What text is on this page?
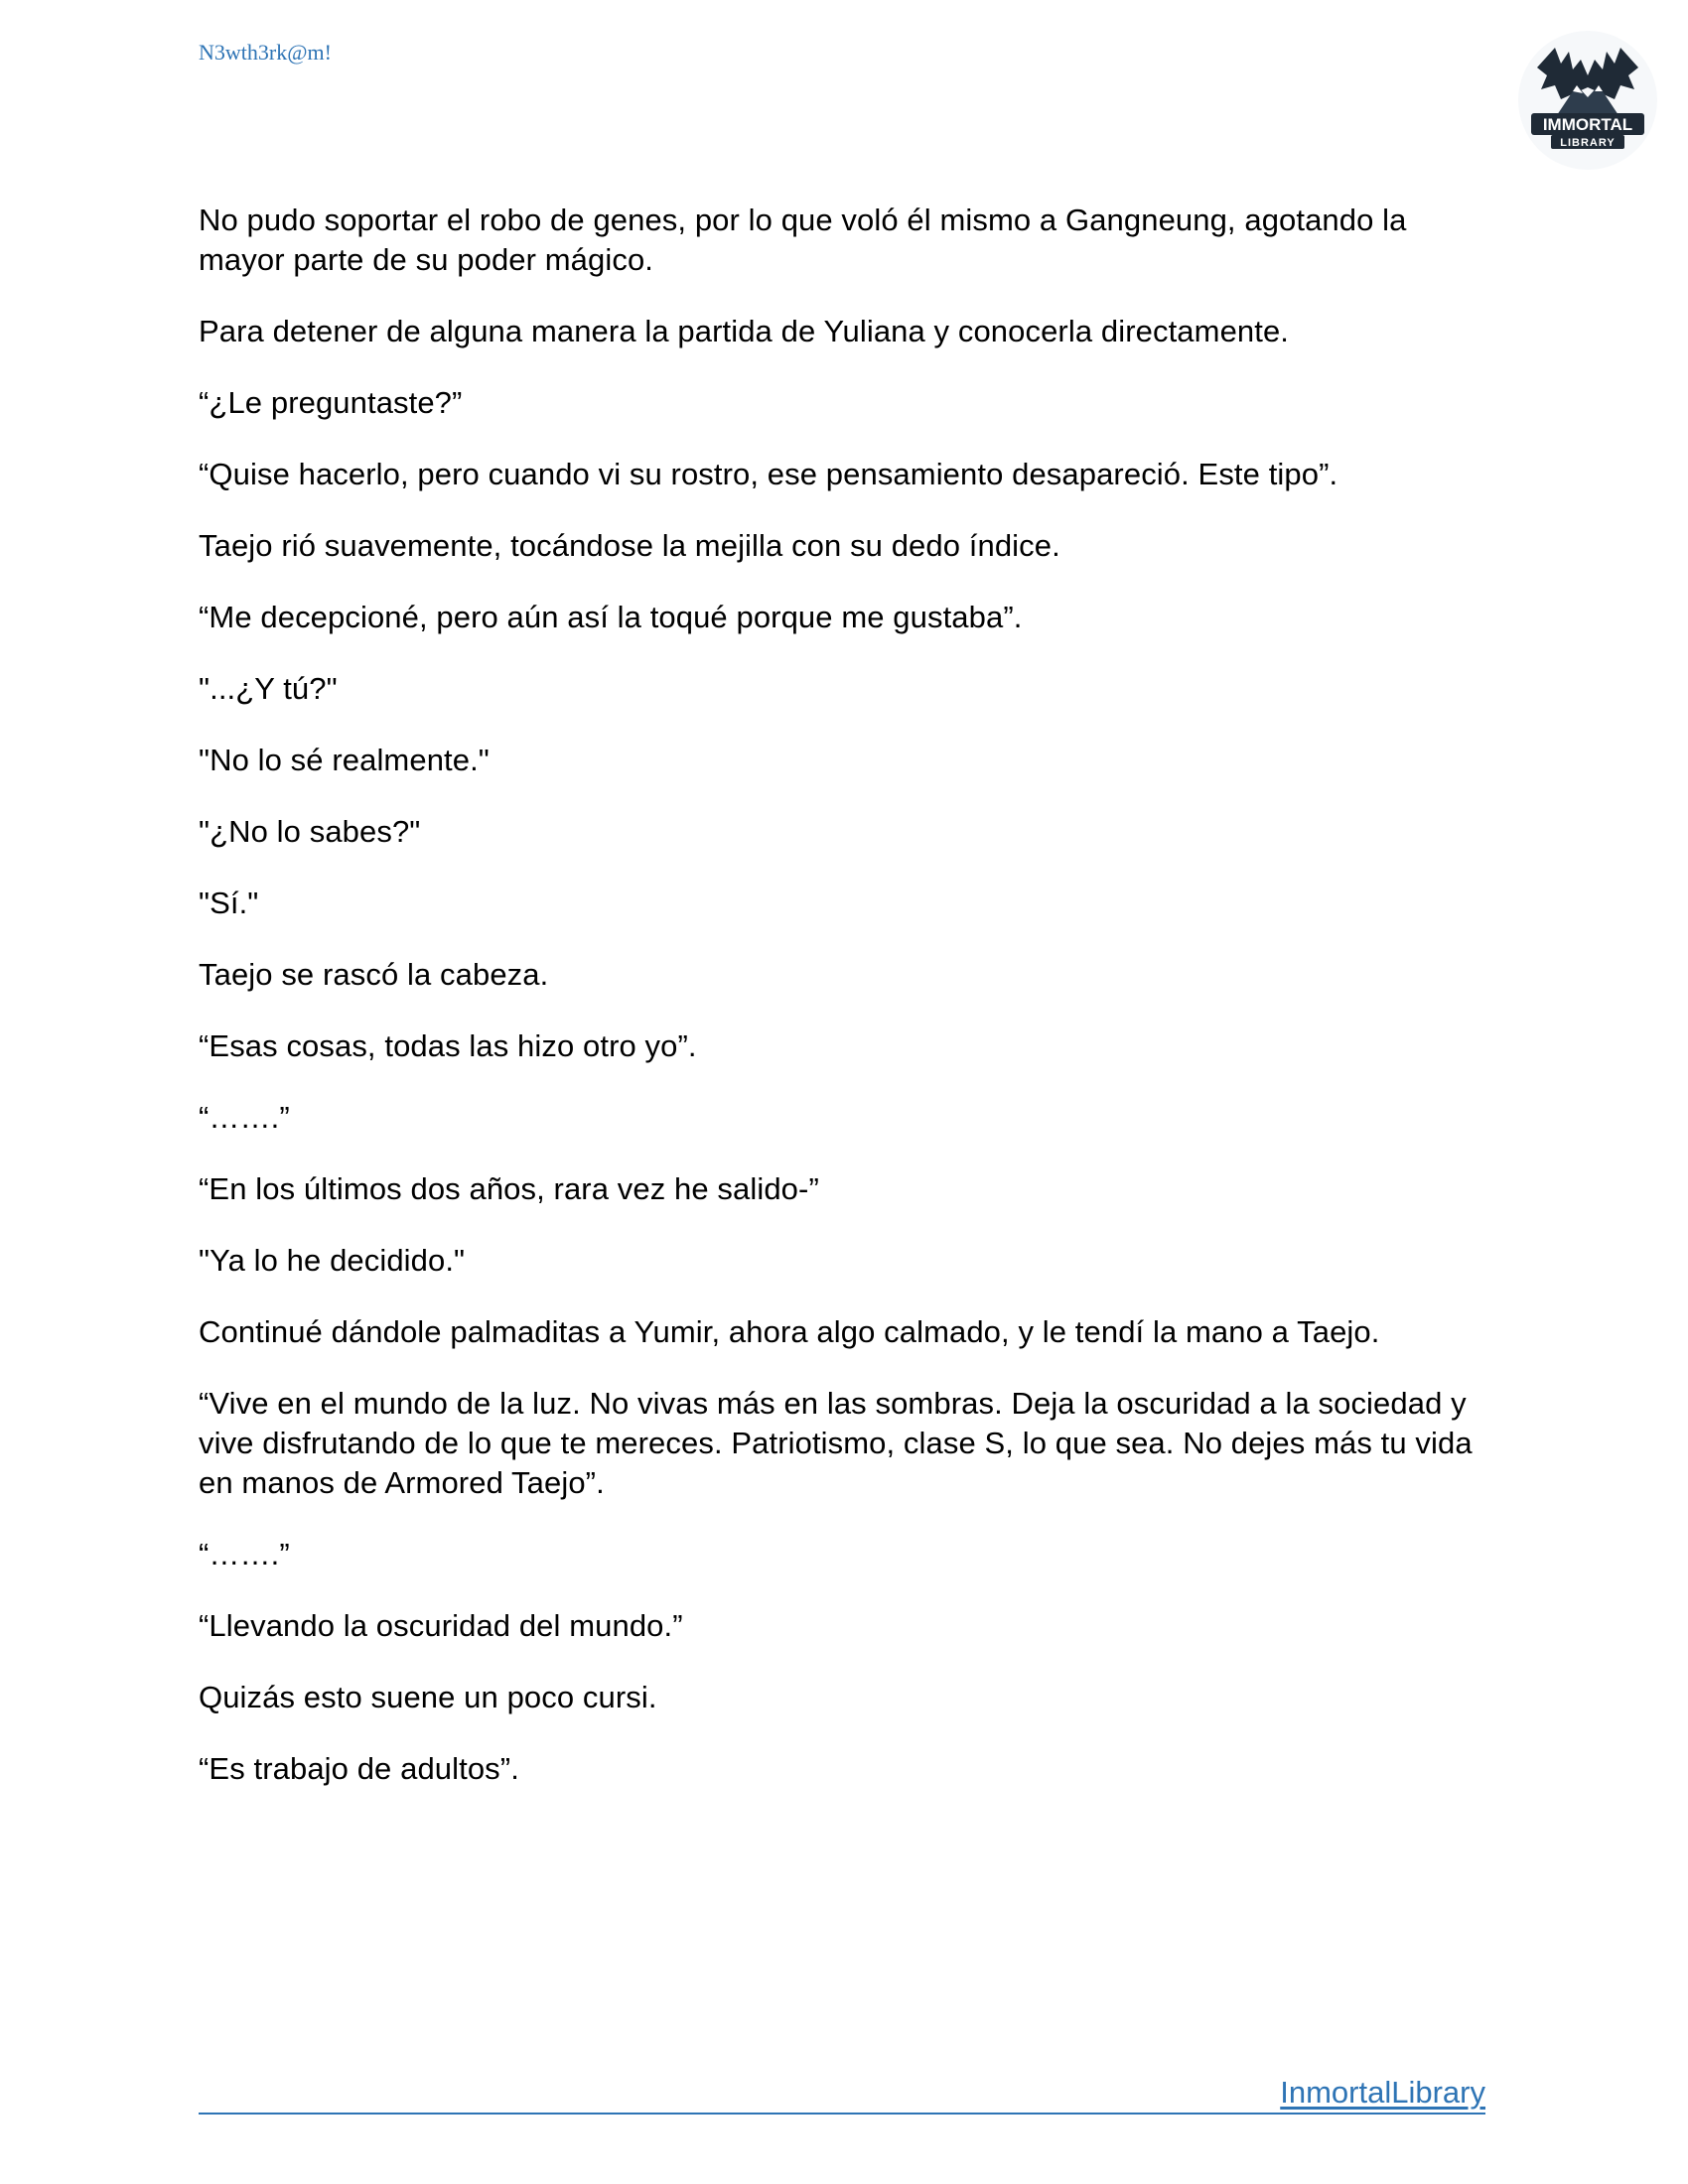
N3wth3rk@m!
IMMORTAL
LIBRARY

No pudo soportar el robo de genes, por lo que voló él mismo a Gangneung, agotando la mayor parte de su poder mágico.

Para detener de alguna manera la partida de Yuliana y conocerla directamente.

“¿Le preguntaste?”

“Quise hacerlo, pero cuando vi su rostro, ese pensamiento desapareció. Este tipo”.

Taejo rió suavemente, tocándose la mejilla con su dedo índice.

“Me decepcioné, pero aún así la toqué porque me gustaba”.

"...¿Y tú?"

"No lo sé realmente."

"¿No lo sabes?"

"Sí."

Taejo se rascó la cabeza.

“Esas cosas, todas las hizo otro yo”.

“…….”

“En los últimos dos años, rara vez he salido-”

"Ya lo he decidido."

Continué dándole palmaditas a Yumir, ahora algo calmado, y le tendí la mano a Taejo.

“Vive en el mundo de la luz. No vivas más en las sombras. Deja la oscuridad a la sociedad y vive disfrutando de lo que te mereces. Patriotismo, clase S, lo que sea. No dejes más tu vida en manos de Armored Taejo”.

“…….”

“Llevando la oscuridad del mundo.”

Quizás esto suene un poco cursi.

“Es trabajo de adultos”.

InmortalLibrary
